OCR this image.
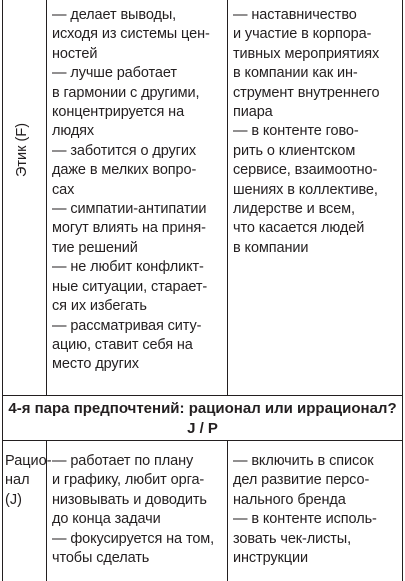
Этик (F)
— делает выводы,
исходя из системы цен-
ностей
— лучше работает
в гармонии с другими,
концентрируется на
людях
— заботится о других
даже в мелких вопро-
сах
— симпатии-антипатии
могут влиять на приня-
тие решений
— не любит конфликт-
ные ситуации, старает-
ся их избегать
— рассматривая ситу-
ацию, ставит себя на
место других
— наставничество
и участие в корпора-
тивных мероприятиях
в компании как ин-
струмент внутреннего
пиара
— в контенте гово-
рить о клиентском
сервисе, взаимоотно-
шениях в коллективе,
лидерстве и всем,
что касается людей
в компании
4-я пара предпочтений: рационал или иррационал?
J / P
Рацио-
нал
(J)
— работает по плану
и графику, любит орга-
низовывать и доводить
до конца задачи
— фокусируется на том,
чтобы сделать
— включить в список
дел развитие персо-
нального бренда
— в контенте исполь-
зовать чек-листы,
инструкции
